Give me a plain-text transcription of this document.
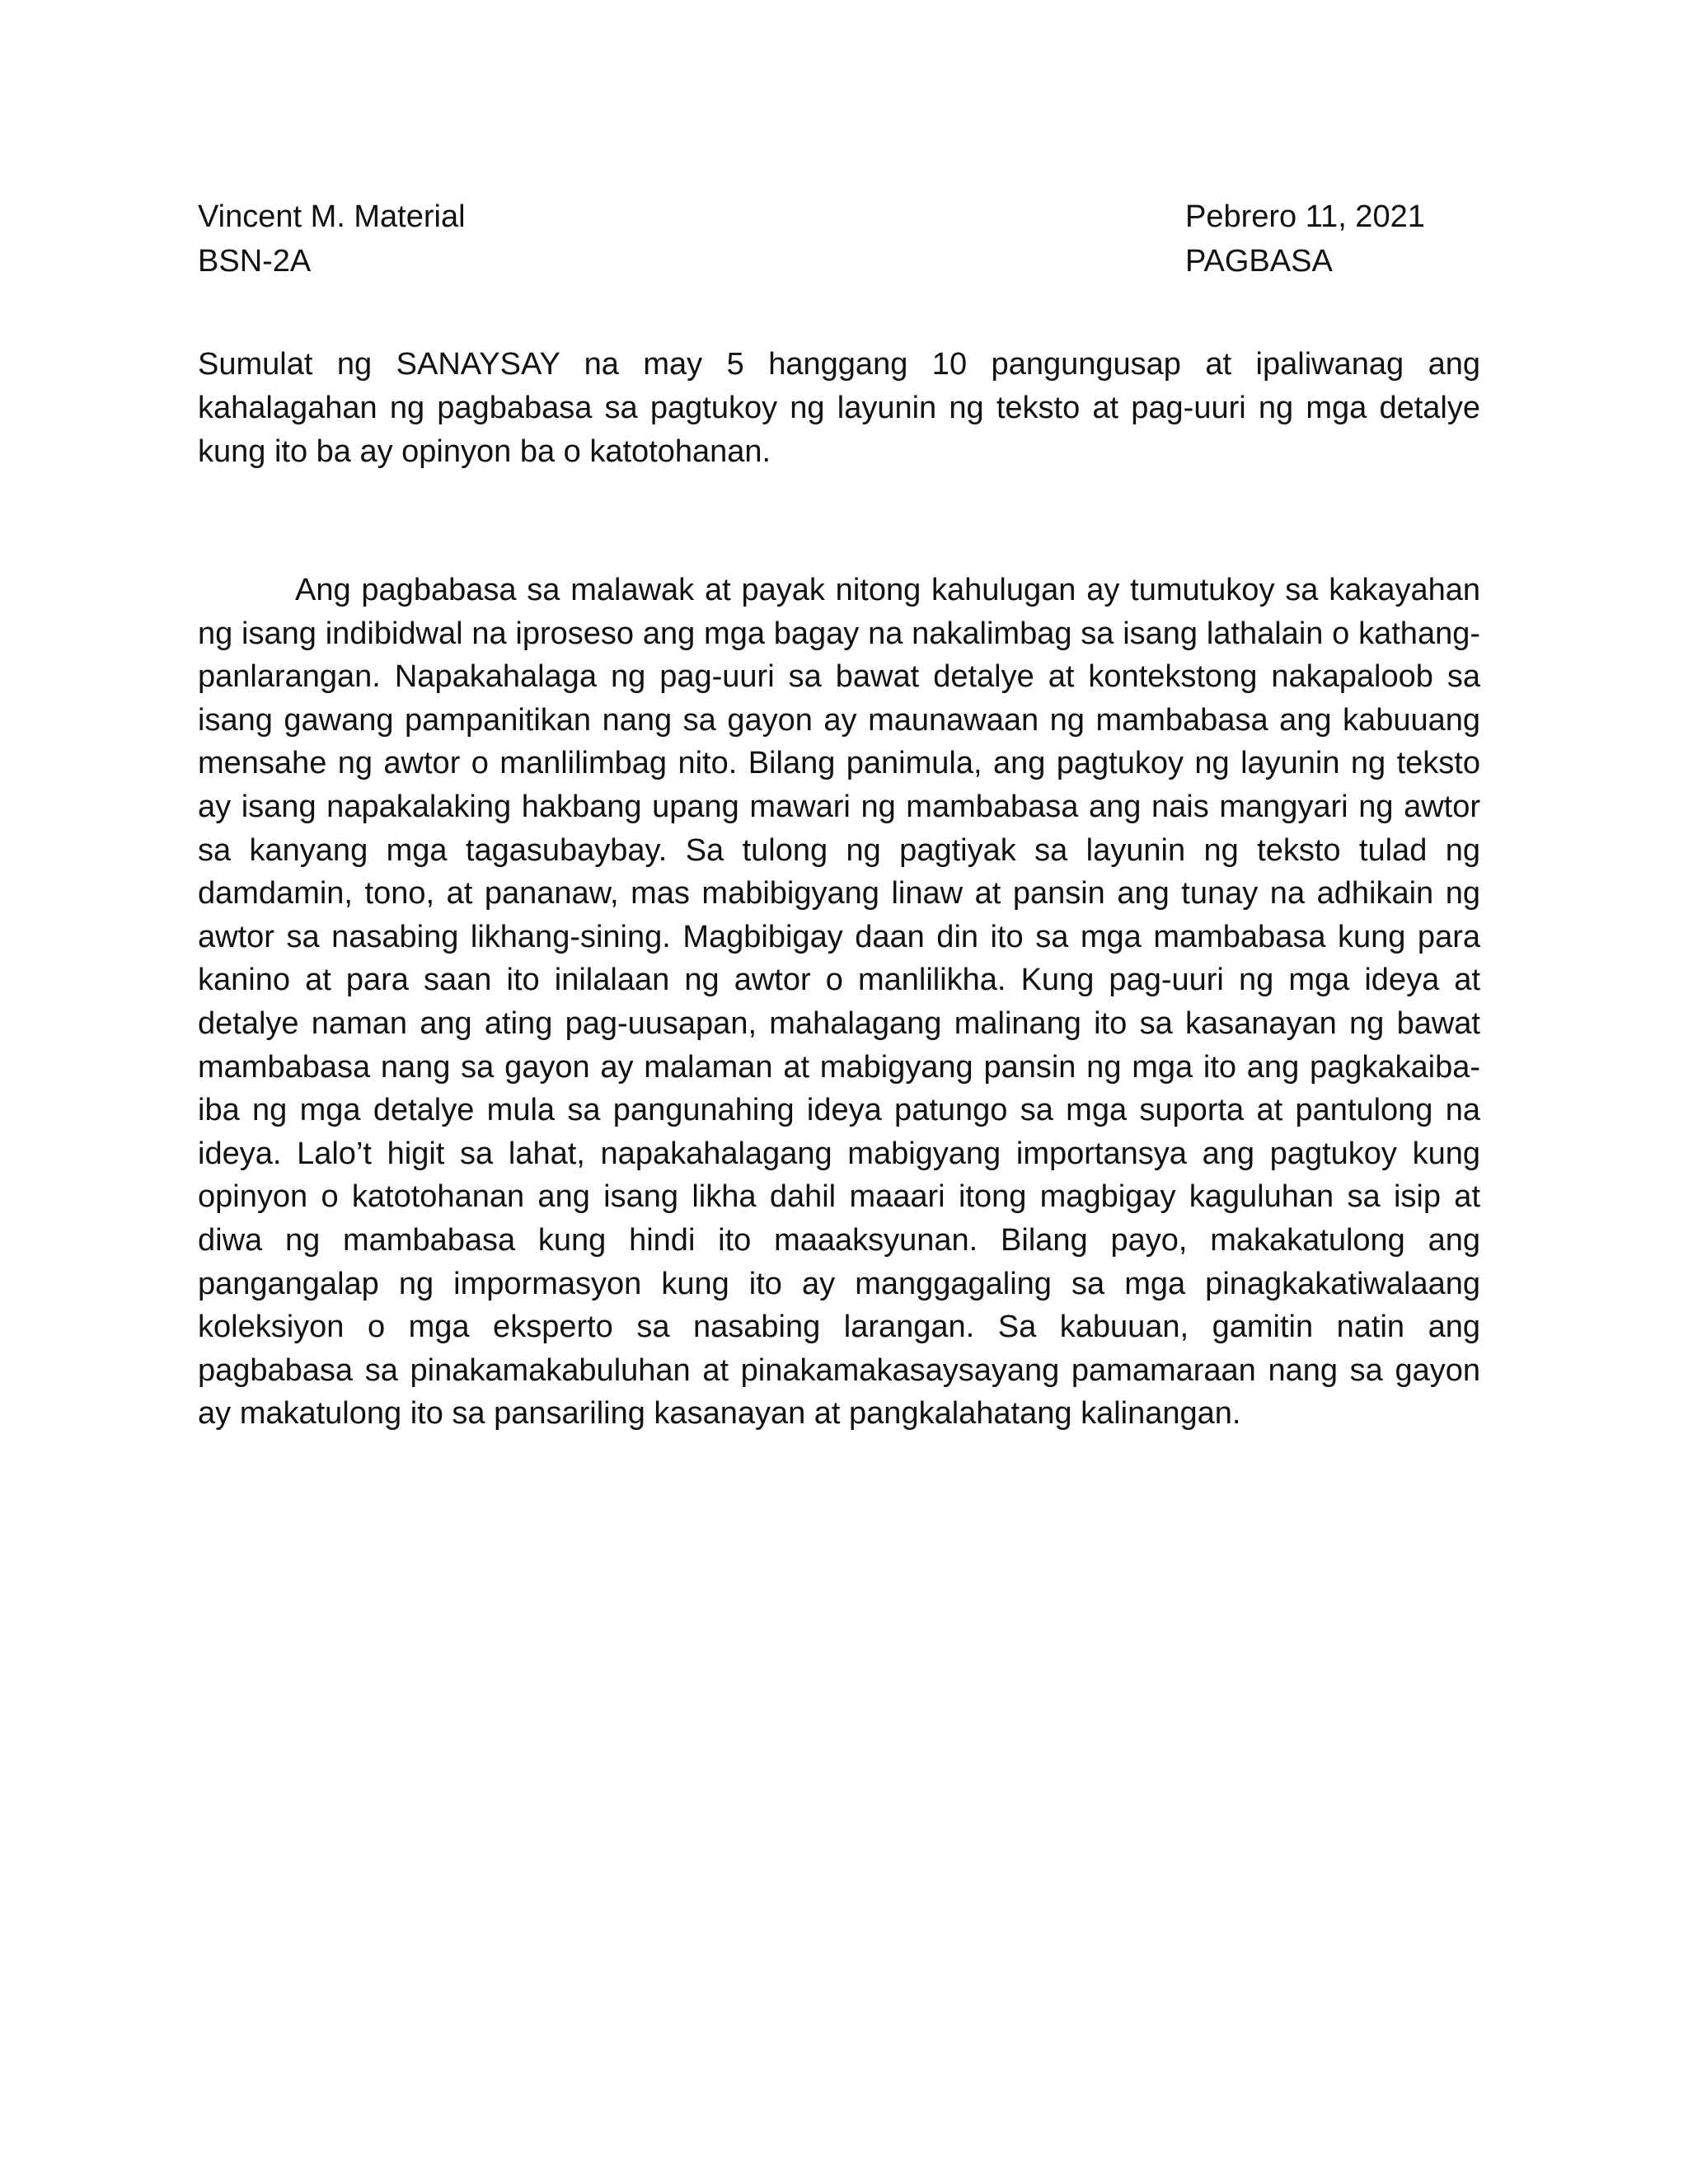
Vincent M. Material
BSN-2A
Pebrero 11, 2021
PAGBASA

Sumulat ng SANAYSAY na may 5 hanggang 10 pangungusap at ipaliwanag ang kahalagahan ng pagbabasa sa pagtukoy ng layunin ng teksto at pag-uuri ng mga detalye kung ito ba ay opinyon ba o katotohanan.

Ang pagbabasa sa malawak at payak nitong kahulugan ay tumutukoy sa kakayahan ng isang indibidwal na iproseso ang mga bagay na nakalimbag sa isang lathalain o kathang-panlarangan. Napakahalaga ng pag-uuri sa bawat detalye at kontekstong nakapaloob sa isang gawang pampanitikan nang sa gayon ay maunawaan ng mambabasa ang kabuuang mensahe ng awtor o manlilimbag nito. Bilang panimula, ang pagtukoy ng layunin ng teksto ay isang napakalaking hakbang upang mawari ng mambabasa ang nais mangyari ng awtor sa kanyang mga tagasubaybay. Sa tulong ng pagtiyak sa layunin ng teksto tulad ng damdamin, tono, at pananaw, mas mabibigyang linaw at pansin ang tunay na adhikain ng awtor sa nasabing likhang-sining. Magbibigay daan din ito sa mga mambabasa kung para kanino at para saan ito inilalaan ng awtor o manlilikha. Kung pag-uuri ng mga ideya at detalye naman ang ating pag-uusapan, mahalagang malinang ito sa kasanayan ng bawat mambabasa nang sa gayon ay malaman at mabigyang pansin ng mga ito ang pagkakaiba-iba ng mga detalye mula sa pangunahing ideya patungo sa mga suporta at pantulong na ideya. Lalo’t higit sa lahat, napakahalagang mabigyang importansya ang pagtukoy kung opinyon o katotohanan ang isang likha dahil maaari itong magbigay kaguluhan sa isip at diwa ng mambabasa kung hindi ito maaaksyunan. Bilang payo, makakatulong ang pangangalap ng impormasyon kung ito ay manggagaling sa mga pinagkakatiwalaang koleksiyon o mga eksperto sa nasabing larangan. Sa kabuuan, gamitin natin ang pagbabasa sa pinakamakabuluhan at pinakamakasaysayang pamamaraan nang sa gayon ay makatulong ito sa pansariling kasanayan at pangkalahatang kalinangan.
